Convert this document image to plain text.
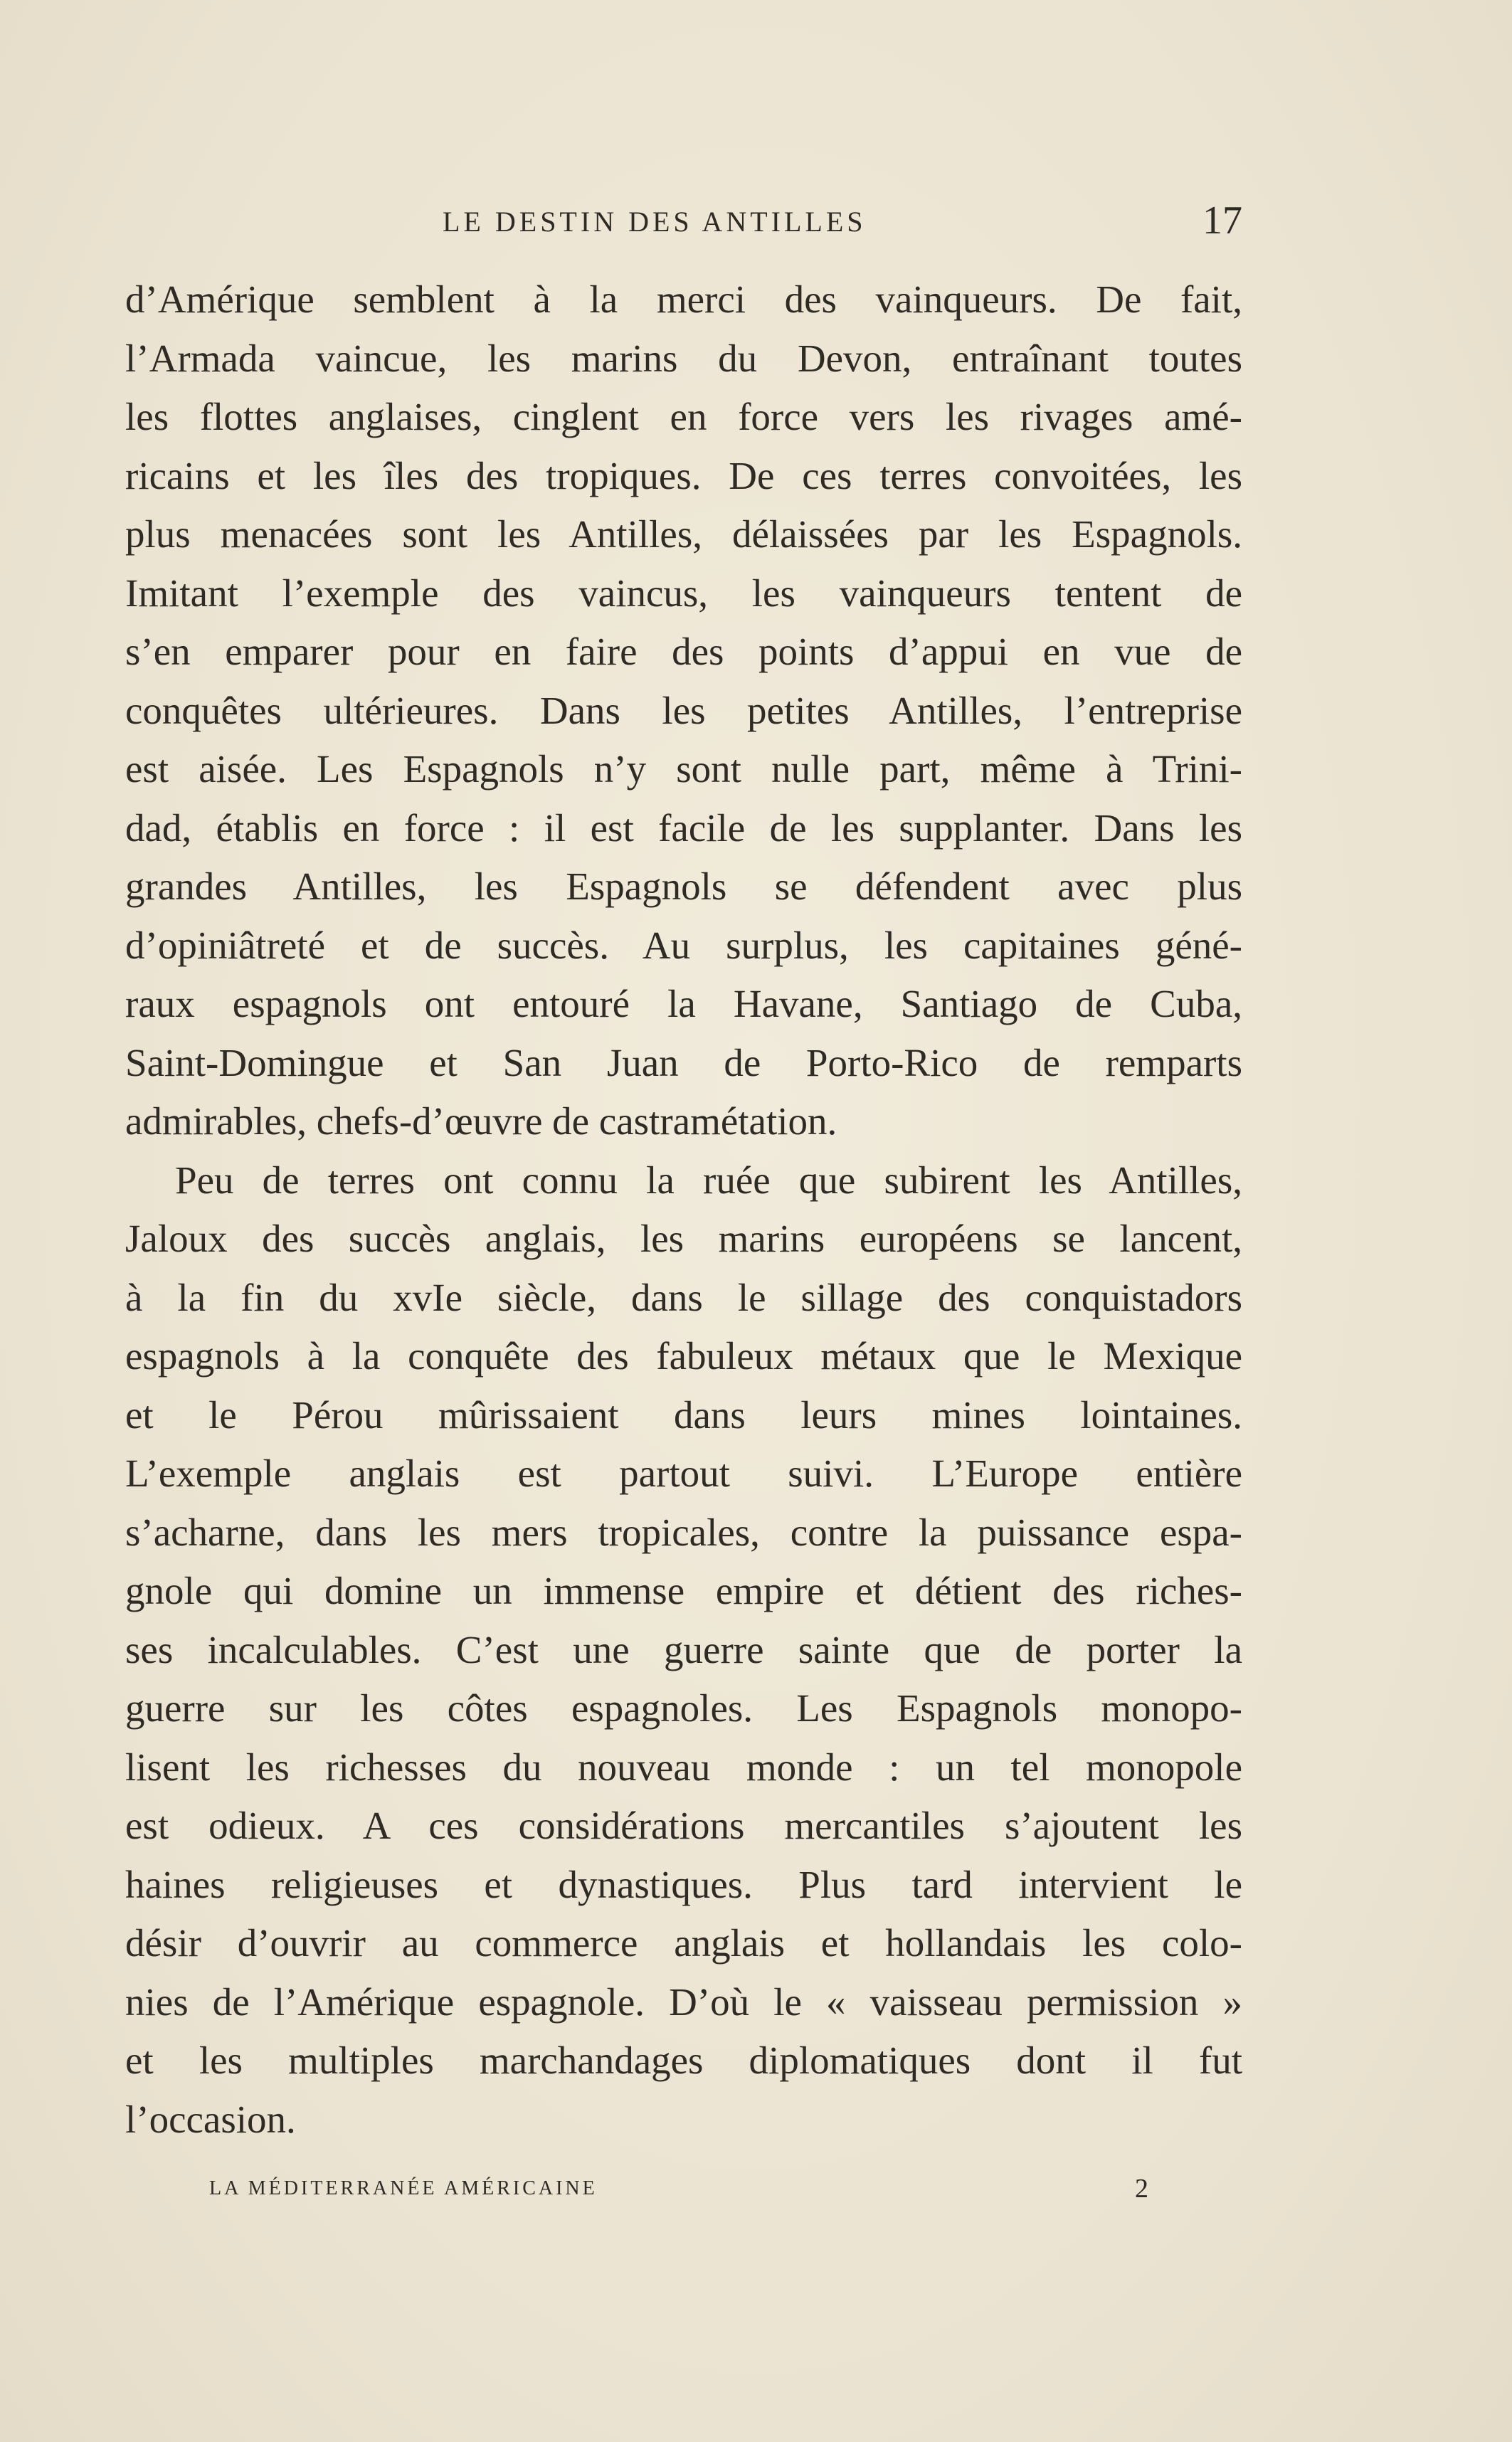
LE DESTIN DES ANTILLES	17
d’Amérique semblent à la merci des vainqueurs. De fait,
l’Armada vaincue, les marins du Devon, entraînant toutes
les flottes anglaises, cinglent en force vers les rivages amé-
ricains et les îles des tropiques. De ces terres convoitées, les
plus menacées sont les Antilles, délaissées par les Espagnols.
Imitant l’exemple des vaincus, les vainqueurs tentent de
s’en emparer pour en faire des points d’appui en vue de
conquêtes ultérieures. Dans les petites Antilles, l’entreprise
est aisée. Les Espagnols n’y sont nulle part, même à Trini-
dad, établis en force : il est facile de les supplanter. Dans les
grandes Antilles, les Espagnols se défendent avec plus
d’opiniâtreté et de succès. Au surplus, les capitaines géné-
raux espagnols ont entouré la Havane, Santiago de Cuba,
Saint-Domingue et San Juan de Porto-Rico de remparts
admirables, chefs-d’œuvre de castramétation.
Peu de terres ont connu la ruée que subirent les Antilles,
Jaloux des succès anglais, les marins européens se lancent,
à la fin du xvIe siècle, dans le sillage des conquistadors
espagnols à la conquête des fabuleux métaux que le Mexique
et le Pérou mûrissaient dans leurs mines lointaines.
L’exemple anglais est partout suivi. L’Europe entière
s’acharne, dans les mers tropicales, contre la puissance espa-
gnole qui domine un immense empire et détient des riches-
ses incalculables. C’est une guerre sainte que de porter la
guerre sur les côtes espagnoles. Les Espagnols monopo-
lisent les richesses du nouveau monde : un tel monopole
est odieux. A ces considérations mercantiles s’ajoutent les
haines religieuses et dynastiques. Plus tard intervient le
désir d’ouvrir au commerce anglais et hollandais les colo-
nies de l’Amérique espagnole. D’où le « vaisseau permission »
et les multiples marchandages diplomatiques dont il fut
l’occasion.
LA MÉDITERRANÉE AMÉRICAINE	2
